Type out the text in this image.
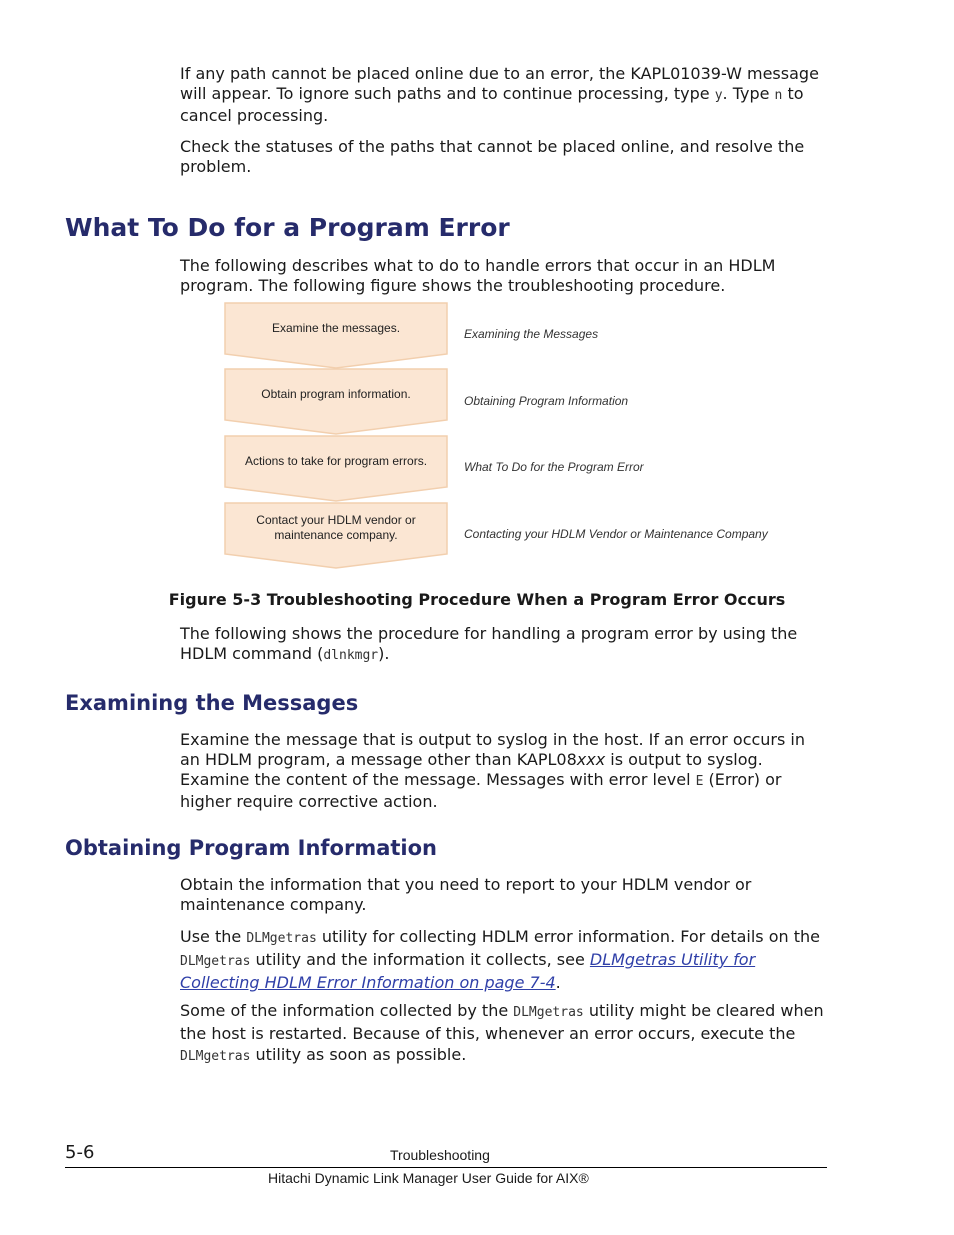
If any path cannot be placed online due to an error, the KAPL01039-W message will appear. To ignore such paths and to continue processing, type y. Type n to cancel processing.

Check the statuses of the paths that cannot be placed online, and resolve the problem.

What To Do for a Program Error

The following describes what to do to handle errors that occur in an HDLM program. The following figure shows the troubleshooting procedure.

Examine the messages.	Examining the Messages
Obtain program information.
Obtaining Program Information
Actions to take for program errors.	What To Do for the Program Error
Contact your HDLM vendor or maintenance company.	Contacting your HDLM Vendor or Maintenance Company
Figure 5-3 Troubleshooting Procedure When a Program Error Occurs

The following shows the procedure for handling a program error by using the HDLM command (dlnkmgr).

Examining the Messages

Examine the message that is output to syslog in the host. If an error occurs in an HDLM program, a message other than KAPL08xxx is output to syslog. Examine the content of the message. Messages with error level E (Error) or higher require corrective action.

Obtaining Program Information

Obtain the information that you need to report to your HDLM vendor or maintenance company.

Use the DLMgetras utility for collecting HDLM error information. For details on the DLMgetras utility and the information it collects, see DLMgetras Utility for Collecting HDLM Error Information on page 7-4.

Some of the information collected by the DLMgetras utility might be cleared when the host is restarted. Because of this, whenever an error occurs, execute the DLMgetras utility as soon as possible.

5-6	Troubleshooting
Hitachi Dynamic Link Manager User Guide for AIX®
